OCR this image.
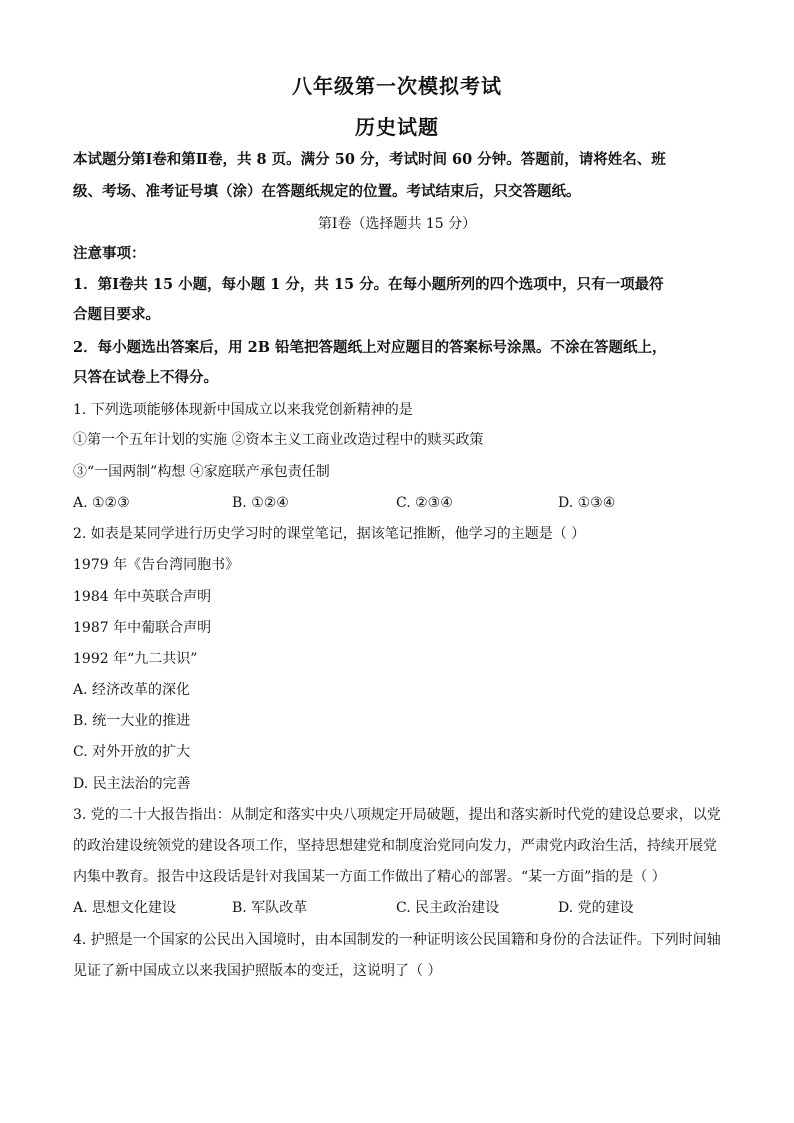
八年级第一次模拟考试
历史试题
本试题分第Ⅰ卷和第Ⅱ卷，共 8 页。满分 50 分，考试时间 60 分钟。答题前，请将姓名、班
级、考场、准考证号填（涂）在答题纸规定的位置。考试结束后，只交答题纸。
第Ⅰ卷（选择题共 15 分）
注意事项：
1．第Ⅰ卷共 15 小题，每小题 1 分，共 15 分。在每小题所列的四个选项中，只有一项最符
合题目要求。
2．每小题选出答案后，用 2B 铅笔把答题纸上对应题目的答案标号涂黑。不涂在答题纸上，
只答在试卷上不得分。
1. 下列选项能够体现新中国成立以来我党创新精神的是
①第一个五年计划的实施 ②资本主义工商业改造过程中的赎买政策
③“一国两制”构想 ④家庭联产承包责任制
A. ①②③	B. ①②④	C. ②③④	D. ①③④
2. 如表是某同学进行历史学习时的课堂笔记，据该笔记推断，他学习的主题是（ ）
1979 年《告台湾同胞书》
1984 年中英联合声明
1987 年中葡联合声明
1992 年“九二共识”
A. 经济改革的深化
B. 统一大业的推进
C. 对外开放的扩大
D. 民主法治的完善
3. 党的二十大报告指出：从制定和落实中央八项规定开局破题，提出和落实新时代党的建设总要求，以党
的政治建设统领党的建设各项工作，坚持思想建党和制度治党同向发力，严肃党内政治生活，持续开展党
内集中教育。报告中这段话是针对我国某一方面工作做出了精心的部署。“某一方面”指的是（ ）
A. 思想文化建设	B. 军队改革	C. 民主政治建设	D. 党的建设
4. 护照是一个国家的公民出入国境时，由本国制发的一种证明该公民国籍和身份的合法证件。下列时间轴
见证了新中国成立以来我国护照版本的变迁，这说明了（ ）
